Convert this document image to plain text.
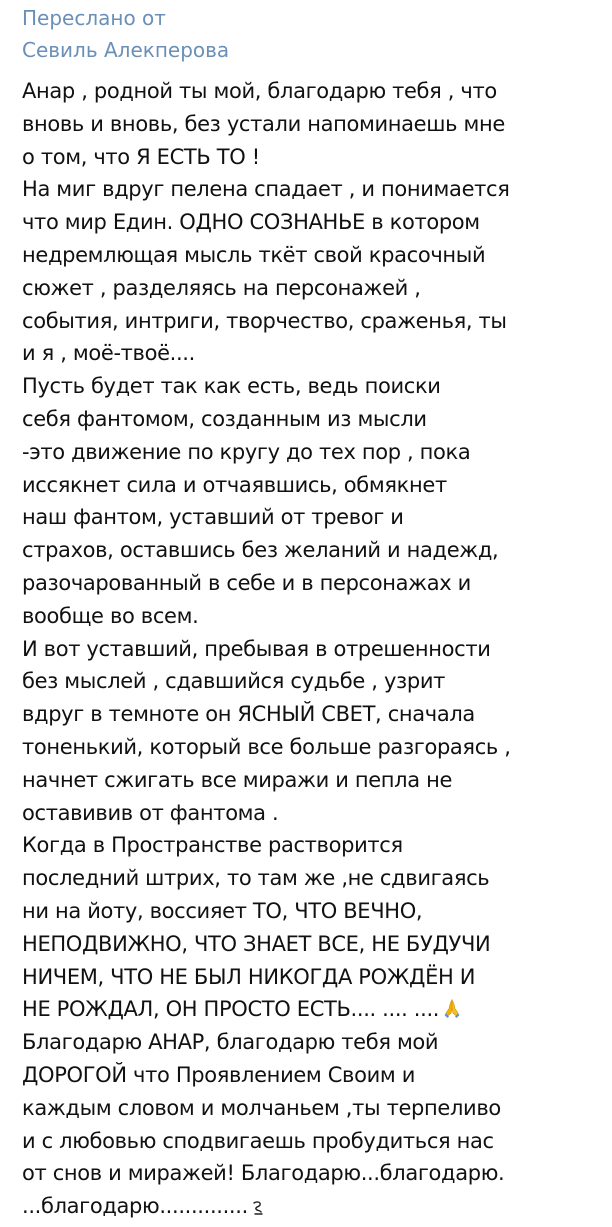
Переслано от
Севиль Алекперова
Анар , родной ты мой, благодарю тебя , что
вновь и вновь, без устали напоминаешь мне
о том, что Я ЕСТЬ ТО !
На миг вдруг пелена спадает , и понимается
что мир Един. ОДНО СОЗНАНЬЕ в котором
недремлющая мысль ткёт свой красочный
сюжет , разделяясь на персонажей ,
события, интриги, творчество, сраженья, ты
и я , моё-твоё....
Пусть будет так как есть, ведь поиски
себя фантомом, созданным из мысли
-это движение по кругу до тех пор , пока
иссякнет сила и отчаявшись, обмякнет
наш фантом, уставший от тревог и
страхов, оставшись без желаний и надежд,
разочарованный в себе и в персонажах и
вообще во всем.
И вот уставший, пребывая в отрешенности
без мыслей , сдавшийся судьбе , узрит
вдруг в темноте он ЯСНЫЙ СВЕТ, сначала
тоненький, который все больше разгораясь ,
начнет сжигать все миражи и пепла не
оставивив от фантома .
Когда в Пространстве растворится
последний штрих, то там же ,не сдвигаясь
ни на йоту, воссияет ТО, ЧТО ВЕЧНО,
НЕПОДВИЖНО, ЧТО ЗНАЕТ ВСЕ, НЕ БУДУЧИ
НИЧЕМ, ЧТО НЕ БЫЛ НИКОГДА РОЖДЁН И
НЕ РОЖДАЛ, ОН ПРОСТО ЕСТЬ.... .... ....
Благодарю АНАР, благодарю тебя мой
ДОРОГОЙ что Проявлением Своим и
каждым словом и молчаньем ,ты терпеливо
и с любовью сподвигаешь пробудиться нас
от снов и миражей! Благодарю...благодарю.
...благодарю..............
